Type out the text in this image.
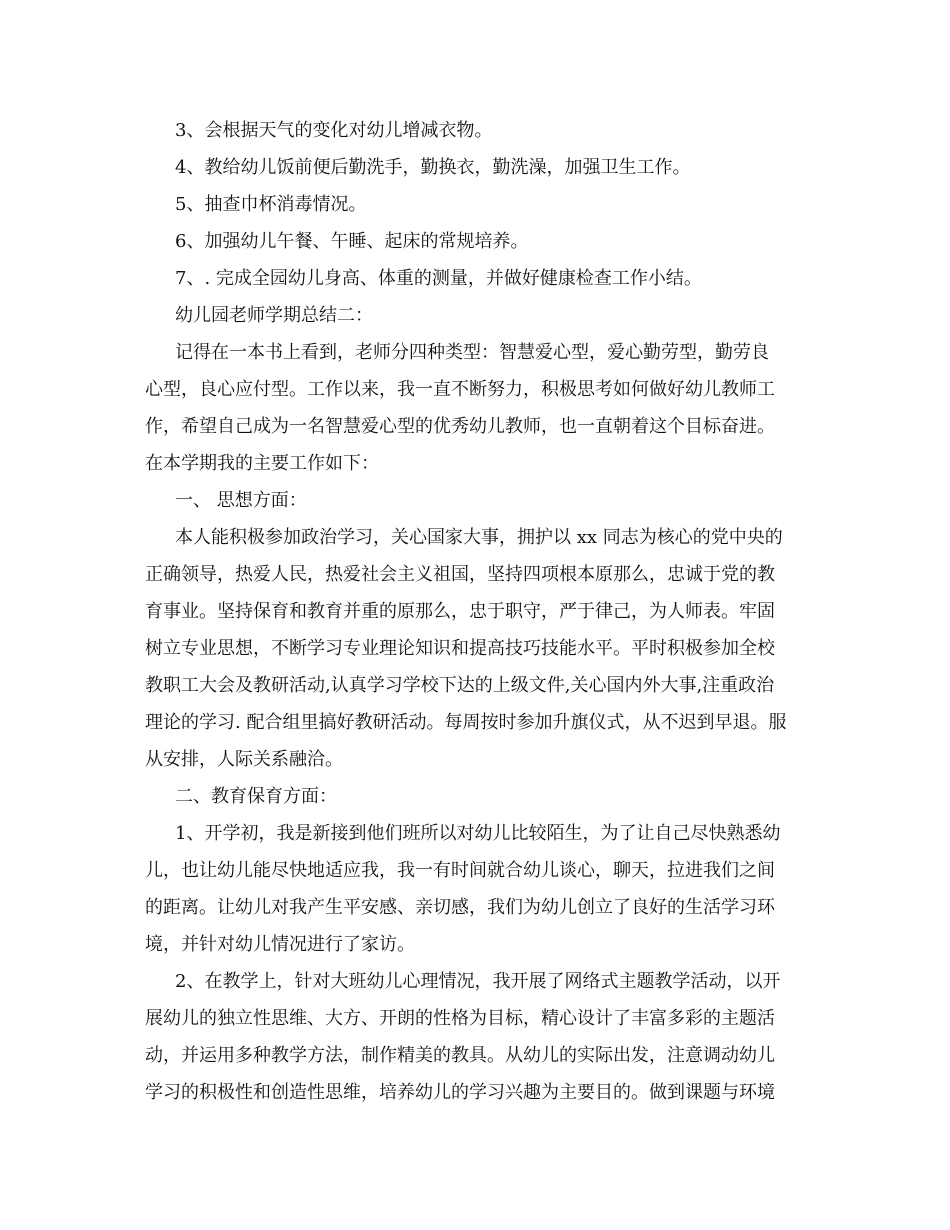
3、会根据天气的变化对幼儿增减衣物。
4、教给幼儿饭前便后勤洗手，勤换衣，勤洗澡，加强卫生工作。
5、抽查巾杯消毒情况。
6、加强幼儿午餐、午睡、起床的常规培养。
7、. 完成全园幼儿身高、体重的测量，并做好健康检查工作小结。
幼儿园老师学期总结二：
记得在一本书上看到，老师分四种类型：智慧爱心型，爱心勤劳型，勤劳良
心型，良心应付型。工作以来，我一直不断努力，积极思考如何做好幼儿教师工
作，希望自己成为一名智慧爱心型的优秀幼儿教师，也一直朝着这个目标奋进。
在本学期我的主要工作如下：
一、 思想方面：
本人能积极参加政治学习，关心国家大事，拥护以 xx 同志为核心的党中央的
正确领导，热爱人民，热爱社会主义祖国，坚持四项根本原那么，忠诚于党的教
育事业。坚持保育和教育并重的原那么，忠于职守，严于律己，为人师表。牢固
树立专业思想，不断学习专业理论知识和提高技巧技能水平。平时积极参加全校
教职工大会及教研活动,认真学习学校下达的上级文件,关心国内外大事,注重政治
理论的学习. 配合组里搞好教研活动。每周按时参加升旗仪式，从不迟到早退。服
从安排，人际关系融洽。
二、教育保育方面：
1、开学初，我是新接到他们班所以对幼儿比较陌生，为了让自己尽快熟悉幼
儿，也让幼儿能尽快地适应我，我一有时间就合幼儿谈心，聊天，拉进我们之间
的距离。让幼儿对我产生平安感、亲切感，我们为幼儿创立了良好的生活学习环
境，并针对幼儿情况进行了家访。
2、在教学上，针对大班幼儿心理情况，我开展了网络式主题教学活动，以开
展幼儿的独立性思维、大方、开朗的性格为目标，精心设计了丰富多彩的主题活
动，并运用多种教学方法，制作精美的教具。从幼儿的实际出发，注意调动幼儿
学习的积极性和创造性思维，培养幼儿的学习兴趣为主要目的。做到课题与环境
